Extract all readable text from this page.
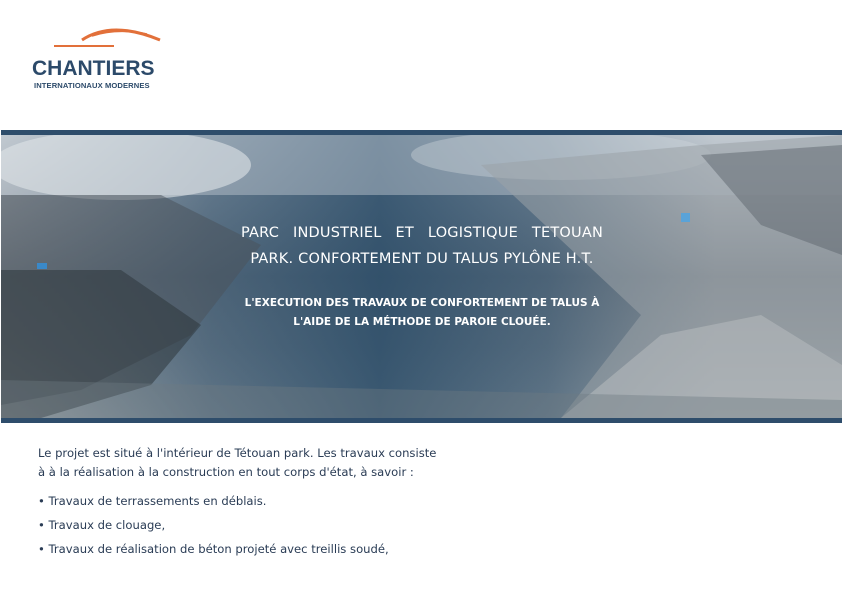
CHANTIERS
INTERNATIONAUX MODERNES

PARC INDUSTRIEL ET LOGISTIQUE TETOUAN PARK. CONFORTEMENT DU TALUS PYLÔNE H.T.

L'EXECUTION DES TRAVAUX DE CONFORTEMENT DE TALUS À
L'AIDE DE LA MÉTHODE DE PAROIE CLOUÉE.

Le projet est situé à l'intérieur de Tétouan park. Les travaux consiste
à à la réalisation à la construction en tout corps d'état, à savoir :

• Travaux de terrassements en déblais.
• Travaux de clouage,
• Travaux de réalisation de béton projeté avec treillis soudé,
